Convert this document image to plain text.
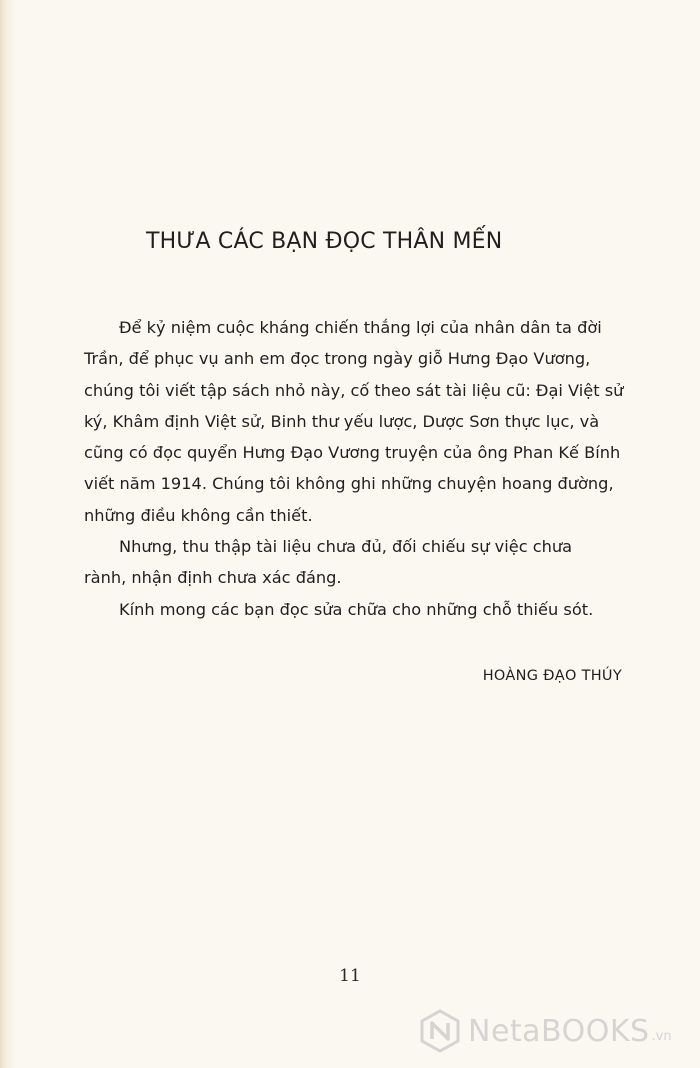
THƯA CÁC BẠN ĐỌC THÂN MẾN
Để kỷ niệm cuộc kháng chiến thắng lợi của nhân dân ta đời
Trần, để phục vụ anh em đọc trong ngày giỗ Hưng Đạo Vương,
chúng tôi viết tập sách nhỏ này, cố theo sát tài liệu cũ: Đại Việt sử
ký, Khâm định Việt sử, Binh thư yếu lược, Dược Sơn thực lục, và
cũng có đọc quyển Hưng Đạo Vương truyện của ông Phan Kế Bính
viết năm 1914. Chúng tôi không ghi những chuyện hoang đường,
những điều không cần thiết.
Nhưng, thu thập tài liệu chưa đủ, đối chiếu sự việc chưa
rành, nhận định chưa xác đáng.
Kính mong các bạn đọc sửa chữa cho những chỗ thiếu sót.
HOÀNG ĐẠO THÚY
11
NetaBOOKS .vn
